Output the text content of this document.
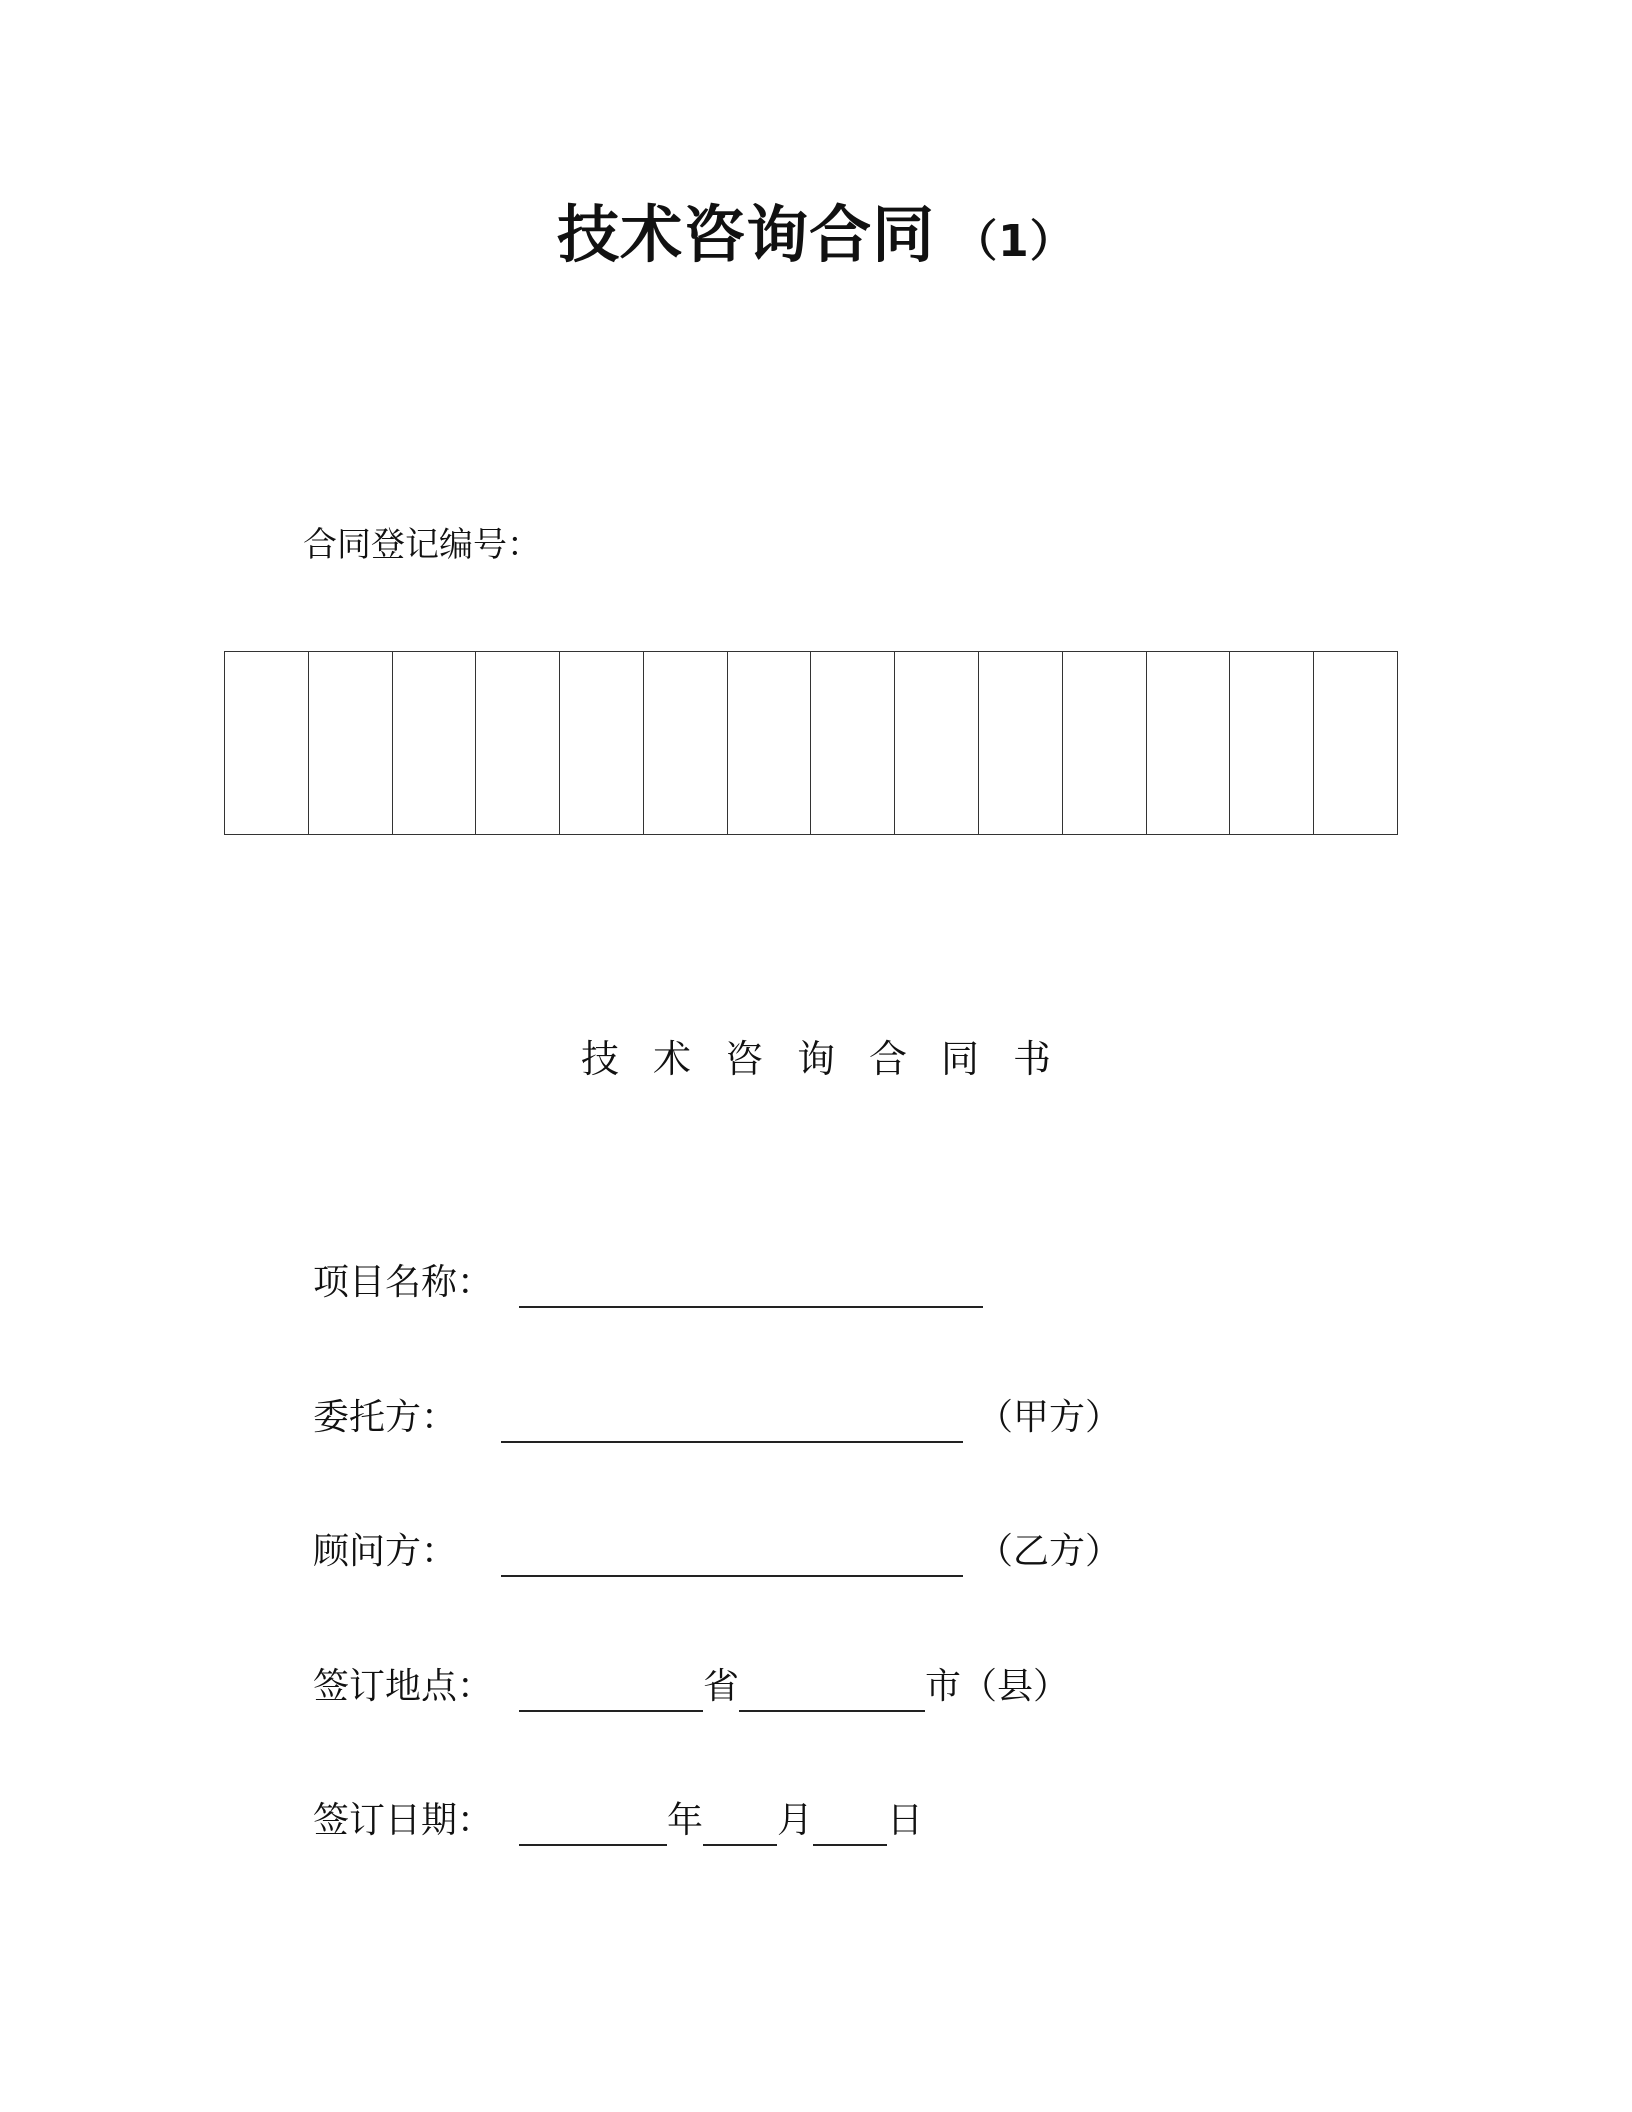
技术咨询合同 （1）
合同登记编号：
技术咨询合同书
项目名称：
委托方：	（甲方）
顾问方：	（乙方）
签订地点：	省	市（县）
签订日期：	年 月 日
